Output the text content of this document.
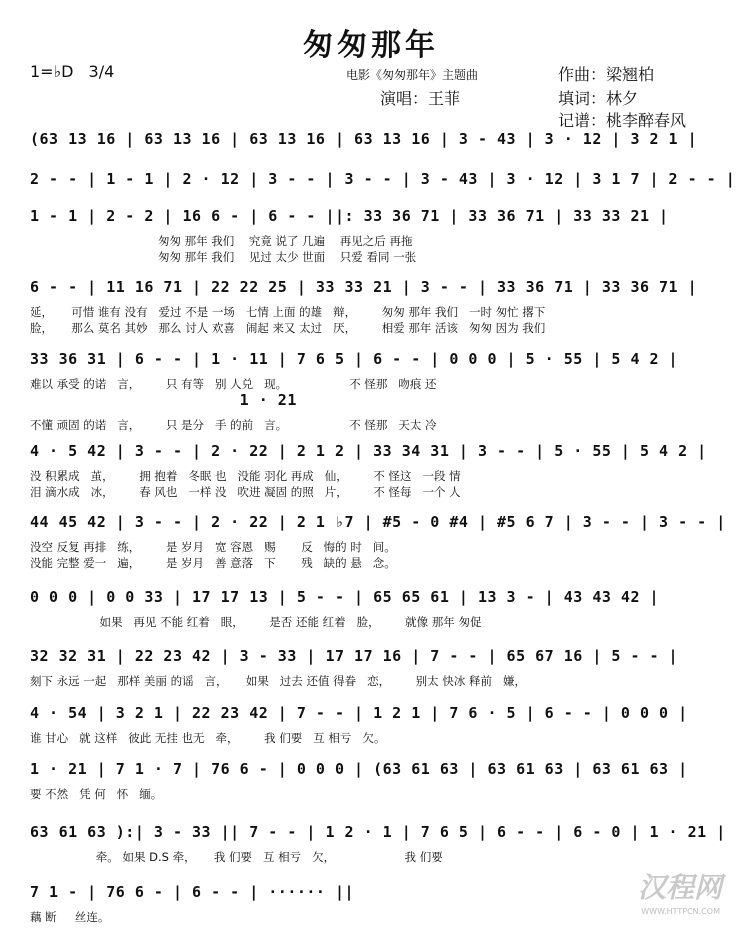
匆匆那年
1=♭D 3/4	电影《匆匆那年》主题曲	作曲：梁翘柏
演唱：王菲	填词：林夕
记谱：桃李醉春风
(63 13 16 | 63 13 16 | 63 13 16 | 63 13 16 | 3 - 43 | 3 · 12 | 3 2 1 |
2 - - | 1 - 1 | 2 · 12 | 3 - - | 3 - - | 3 - 43 | 3 · 12 | 3 1 7 | 2 - - |
1 - 1 | 2 - 2 | 16 6 - | 6 - - ||: 33 36 71 | 33 36 71 | 33 33 21 |
匆匆 那年 我们    究竟 说了 几遍    再见之后 再拖
匆匆 那年 我们    见过 太少 世面    只爱 看同 一张
6 - - | 11 16 71 | 22 22 25 | 33 33 21 | 3 - - | 33 36 71 | 33 36 71 |
延，     可惜 谁有 没有   爱过 不是 一场   七情 上面 的雄   辩，       匆匆 那年 我们   一时 匆忙 撂下
脸，     那么 莫名 其妙   那么 讨人 欢喜   闹起 来又 太过   厌，       相爱 那年 活该   匆匆 因为 我们
33 36 31 | 6 - - | 1 · 11 | 7 6 5 | 6 - - | 0 0 0 | 5 · 55 | 5 4 2 |
难以 承受 的诺   言，       只 有等   别 人兑   现。                 不 怪那   吻痕 还
1 · 21
不懂 顽固 的诺   言，       只 是分   手 的前   言。                 不 怪那   天太 冷
4 · 5 42 | 3 - - | 2 · 22 | 2 1 2 | 33 34 31 | 3 - - | 5 · 55 | 5 4 2 |
没 积累成   茧，       拥 抱着   冬眠 也   没能 羽化 再成   仙，       不 怪这   一段 情
泪 滴水成   冰，       春 风也   一样 没   吹进 凝固 的照   片，       不 怪每   一个 人
44 45 42 | 3 - - | 2 · 22 | 2 1 ♭7 | #5 - 0 #4 | #5 6 7 | 3 - - | 3 - - |
没空 反复 再排   练，       是 岁月   宽 容恩   赐       反   悔的 时   间。
没能 完整 爱一   遍，       是 岁月   善 意落   下       残   缺的 悬   念。
0 0 0 | 0 0 33 | 17 17 13 | 5 - - | 65 65 61 | 13 3 - | 43 43 42 |
如果   再见 不能 红着   眼，       是否 还能 红着   脸，       就像 那年 匆促
32 32 31 | 22 23 42 | 3 - 33 | 17 17 16 | 7 - - | 65 67 16 | 5 - - |
刻下 永远 一起   那样 美丽 的谣   言，     如果   过去 还值 得眷   恋，       别太 快冰 释前   嫌，
4 · 54 | 3 2 1 | 22 23 42 | 7 - - | 1 2 1 | 7 6 · 5 | 6 - - | 0 0 0 |
谁 甘心   就 这样   彼此 无挂 也无   牵，       我 们要   互 相亏   欠。
1 · 21 | 7 1 · 7 | 76 6 - | 0 0 0 | (63 61 63 | 63 61 63 | 63 61 63 |
要 不然   凭 何   怀   缅。
63 61 63 ):| 3 - 33 || 7 - - | 1 2 · 1 | 7 6 5 | 6 - - | 6 - 0 | 1 · 21 |
牵。 如果 D.S 牵，     我 们要   互 相亏   欠，                   我 们要
7 1 - | 76 6 - | 6 - - | ······ ||
藕 断     丝连。
汉程网
WWW.HTTPCN.COM
